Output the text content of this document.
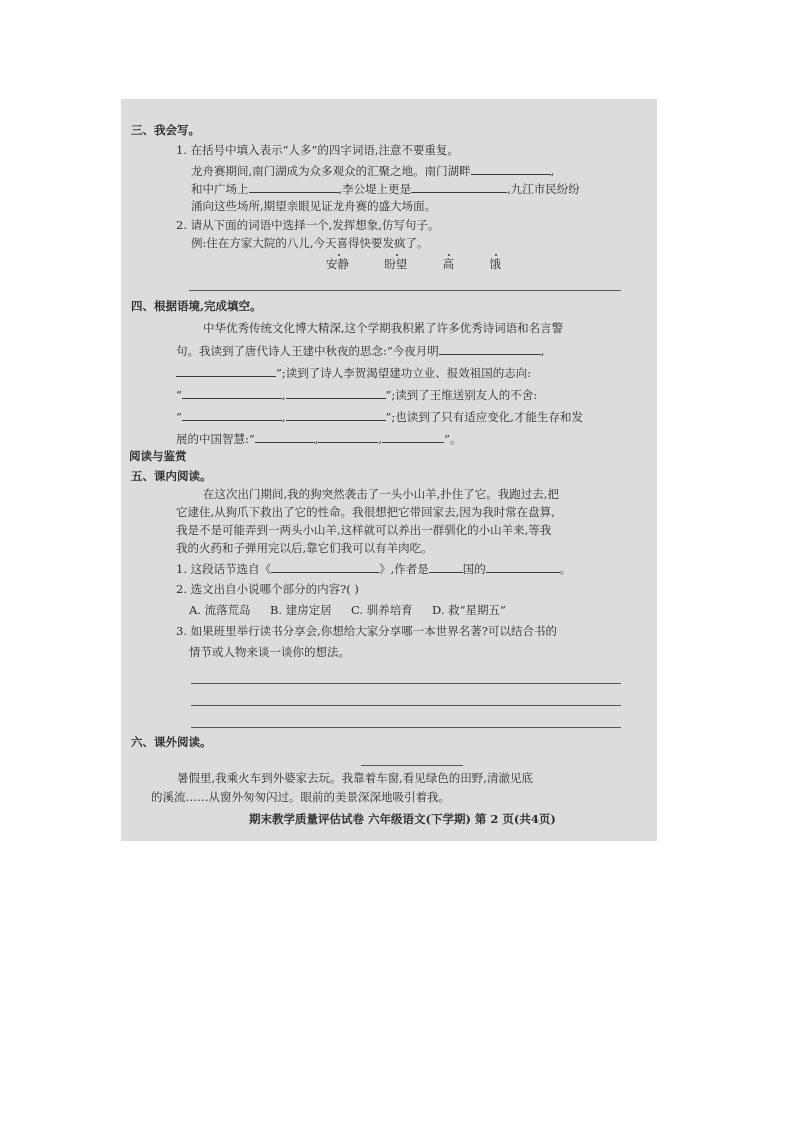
三、我会写。
1. 在括号中填入表示“人多”的四字词语,注意不要重复。
龙舟赛期间,南门湖成为众多观众的汇聚之地。南门湖畔	,
和中广场上	,李公堤上更是	,九江市民纷纷
涌向这些场所,期望亲眼见证龙舟赛的盛大场面。
2. 请从下面的词语中选择一个,发挥想象,仿写句子。
例:住在方家大院的八儿,今天喜得快要发疯了。
安静	盼望	高	饿
四、根据语境,完成填空。
中华优秀传统文化博大精深,这个学期我积累了许多优秀诗词语和名言警
句。我读到了唐代诗人王建中秋夜的思念:“今夜月明	,
”;读到了诗人李贺渴望建功立业、报效祖国的志向:
“	,	”;读到了王维送别友人的不舍:
“	,	”;也读到了只有适应变化,才能生存和发
展的中国智慧:“	,	,	”。
阅读与鉴赏
五、课内阅读。
在这次出门期间,我的狗突然袭击了一头小山羊,扑住了它。我跑过去,把
它逮住,从狗爪下救出了它的性命。我很想把它带回家去,因为我时常在盘算,
我是不是可能弄到一两头小山羊,这样就可以养出一群驯化的小山羊来,等我
我的火药和子弹用完以后,靠它们我可以有羊肉吃。
1. 这段话节选自《	》,作者是	国的	。
2. 选文出自小说哪个部分的内容?( )
A. 流落荒岛 B. 建房定居 C. 驯养培育 D. 救“星期五”
3. 如果班里举行读书分享会,你想给大家分享哪一本世界名著?可以结合书的
情节或人物来谈一谈你的想法。
六、课外阅读。
暑假里,我乘火车到外婆家去玩。我靠着车窗,看见绿色的田野,清澈见底
的溪流……从窗外匆匆闪过。眼前的美景深深地吸引着我。
期末教学质量评估试卷 六年级语文(下学期) 第 2 页(共4页)
